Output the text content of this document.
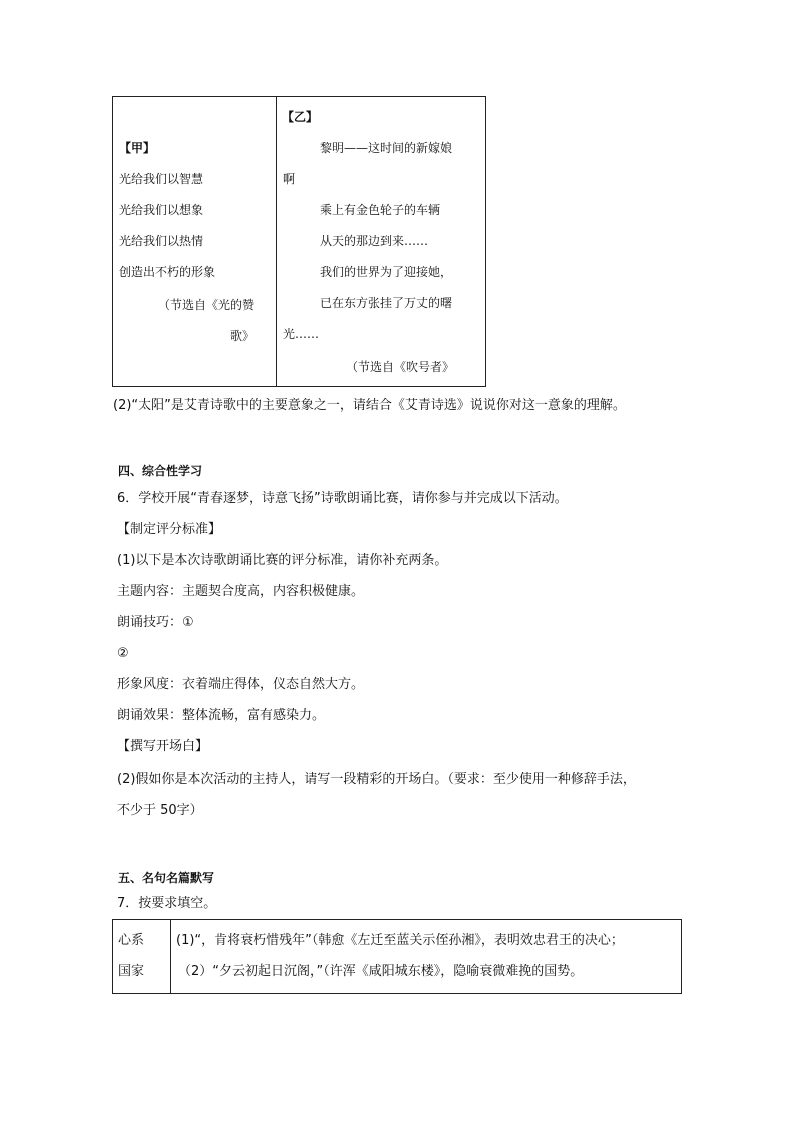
【甲】
光给我们以智慧
光给我们以想象
光给我们以热情
创造出不朽的形象
（节选自《光的赞
歌》
【乙】
黎明——这时间的新嫁娘
啊
乘上有金色轮子的车辆
从天的那边到来……
我们的世界为了迎接她，
已在东方张挂了万丈的曙
光……
（节选自《吹号者》
(2)“太阳”是艾青诗歌中的主要意象之一，请结合《艾青诗选》说说你对这一意象的理解。
四、综合性学习
6．学校开展“青春逐梦，诗意飞扬”诗歌朗诵比赛，请你参与并完成以下活动。
【制定评分标准】
(1)以下是本次诗歌朗诵比赛的评分标准，请你补充两条。
主题内容：主题契合度高，内容积极健康。
朗诵技巧：①
②
形象风度：衣着端庄得体，仪态自然大方。
朗诵效果：整体流畅，富有感染力。
【撰写开场白】
(2)假如你是本次活动的主持人，请写一段精彩的开场白。（要求：至少使用一种修辞手法，
不少于 50字）
五、名句名篇默写
7．按要求填空。
心系
国家
(1)“，肯将衰朽惜残年”（韩愈《左迁至蓝关示侄孙湘》，表明效忠君王的决心；
（2）“夕云初起日沉阁，”（许浑《咸阳城东楼》，隐喻衰微难挽的国势。
